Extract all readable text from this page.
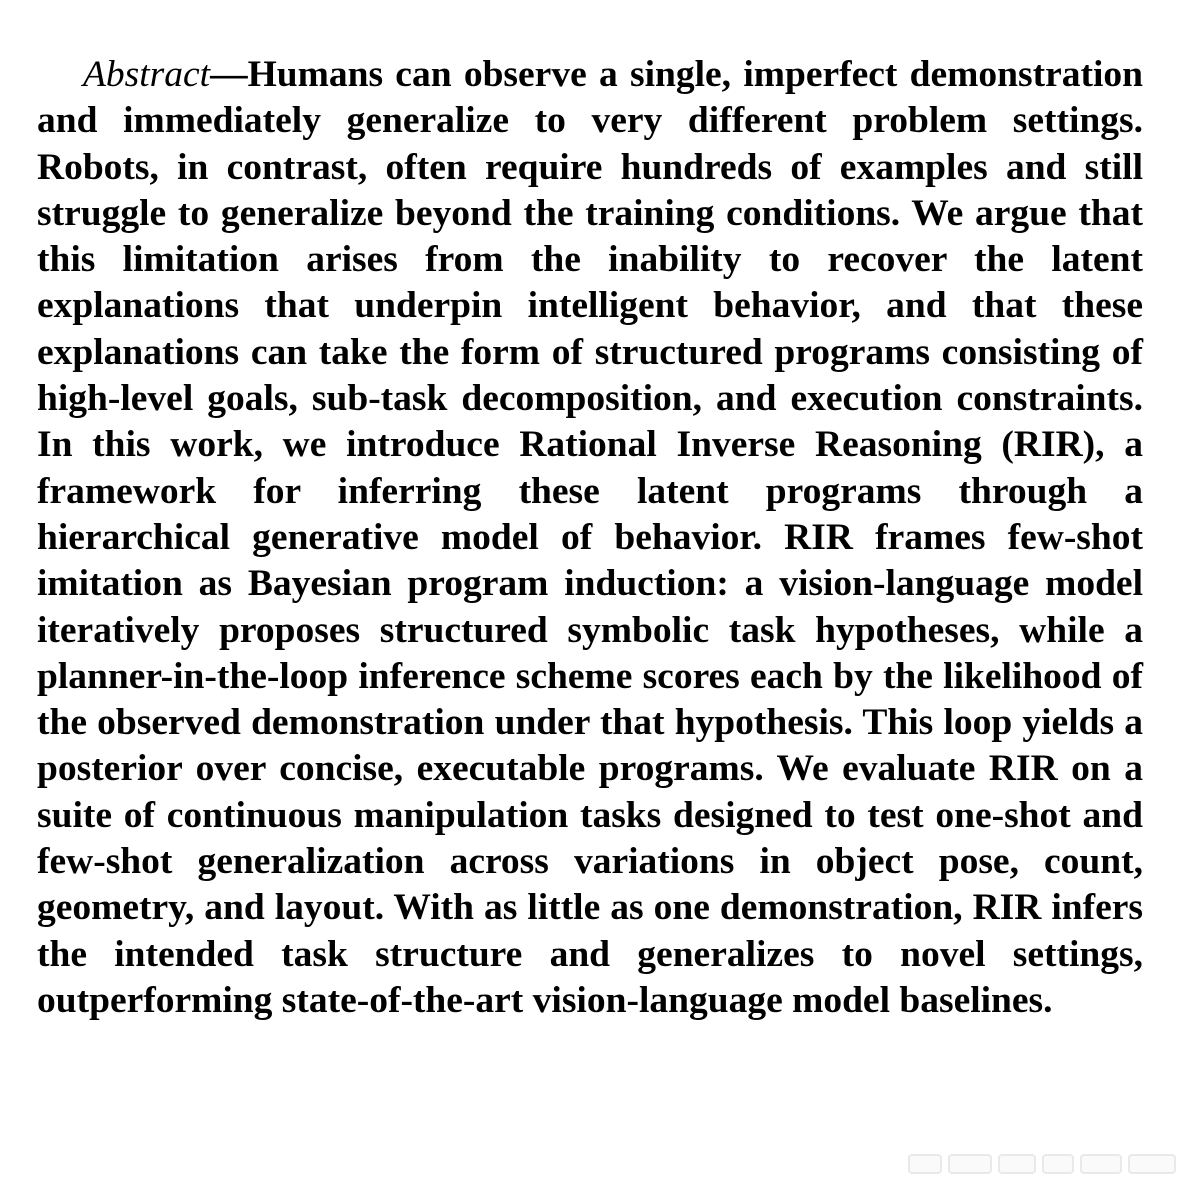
Abstract—Humans can observe a single, imperfect demonstration and immediately generalize to very different problem settings. Robots, in contrast, often require hundreds of examples and still struggle to generalize beyond the training conditions. We argue that this limitation arises from the inability to recover the latent explanations that underpin intelligent behavior, and that these explanations can take the form of structured programs consisting of high-level goals, sub-task decomposition, and execution constraints. In this work, we introduce Rational Inverse Reasoning (RIR), a framework for inferring these latent programs through a hierarchical generative model of behavior. RIR frames few-shot imitation as Bayesian program induction: a vision-language model iteratively proposes structured symbolic task hypotheses, while a planner-in-the-loop inference scheme scores each by the likelihood of the observed demonstration under that hypothesis. This loop yields a posterior over concise, executable programs. We evaluate RIR on a suite of continuous manipulation tasks designed to test one-shot and few-shot generalization across variations in object pose, count, geometry, and layout. With as little as one demonstration, RIR infers the intended task structure and generalizes to novel settings, outperforming state-of-the-art vision-language model baselines.
